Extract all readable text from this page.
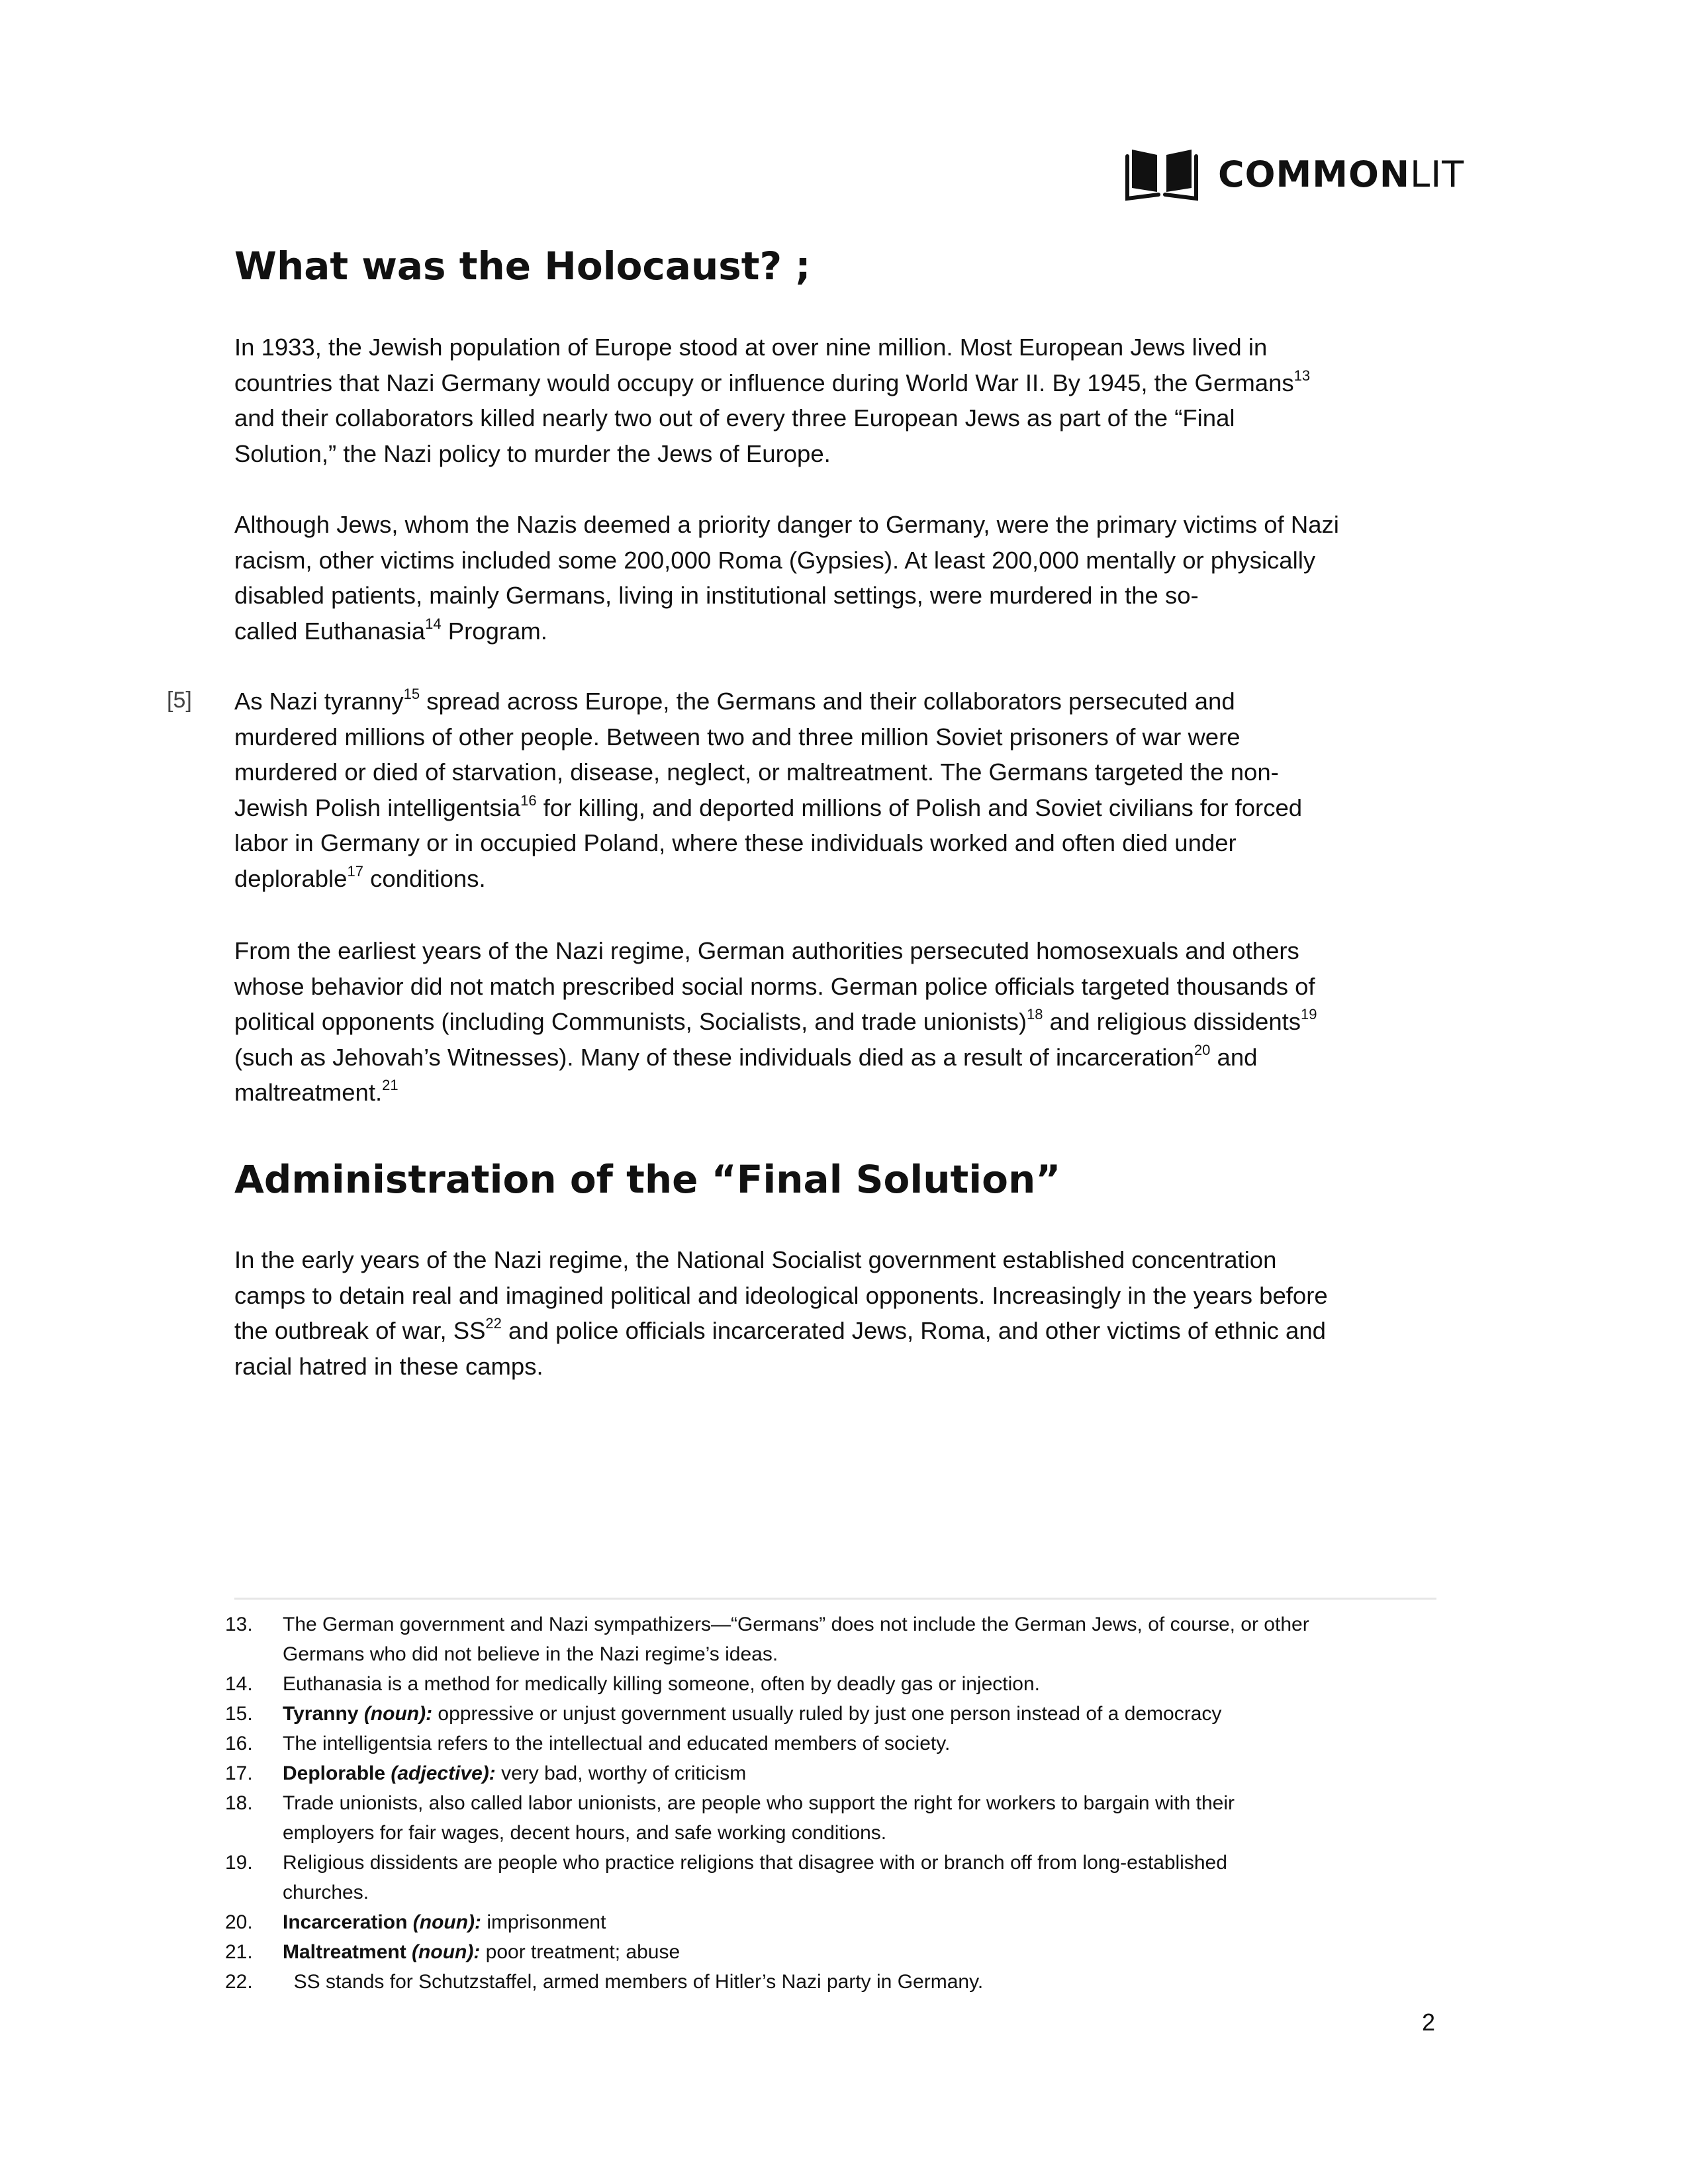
COMMONLIT
What was the Holocaust? ;
In 1933, the Jewish population of Europe stood at over nine million. Most European Jews lived in
countries that Nazi Germany would occupy or influence during World War II. By 1945, the Germans$^{13}$
and their collaborators killed nearly two out of every three European Jews as part of the “Final
Solution,” the Nazi policy to murder the Jews of Europe.
Although Jews, whom the Nazis deemed a priority danger to Germany, were the primary victims of Nazi
racism, other victims included some 200,000 Roma (Gypsies). At least 200,000 mentally or physically
disabled patients, mainly Germans, living in institutional settings, were murdered in the so-
called Euthanasia$^{14}$ Program.
As Nazi tyranny$^{15}$ spread across Europe, the Germans and their collaborators persecuted and
murdered millions of other people. Between two and three million Soviet prisoners of war were
murdered or died of starvation, disease, neglect, or maltreatment. The Germans targeted the non-
Jewish Polish intelligentsia$^{16}$ for killing, and deported millions of Polish and Soviet civilians for forced
labor in Germany or in occupied Poland, where these individuals worked and often died under
deplorable$^{17}$ conditions.
[5]
From the earliest years of the Nazi regime, German authorities persecuted homosexuals and others
whose behavior did not match prescribed social norms. German police officials targeted thousands of
political opponents (including Communists, Socialists, and trade unionists)$^{18}$ and religious dissidents$^{19}$
(such as Jehovah’s Witnesses). Many of these individuals died as a result of incarceration$^{20}$ and
maltreatment.$^{21}$
In the early years of the Nazi regime, the National Socialist government established concentration
camps to detain real and imagined political and ideological opponents. Increasingly in the years before
the outbreak of war, SS$^{22}$ and police officials incarcerated Jews, Roma, and other victims of ethnic and
racial hatred in these camps.
Administration of the “Final Solution”
13.	The German government and Nazi sympathizers—“Germans” does not include the German Jews, of course, or other
Germans who did not believe in the Nazi regime’s ideas.
14.	Euthanasia is a method for medically killing someone, often by deadly gas or injection.
15.	Tyranny (noun): oppressive or unjust government usually ruled by just one person instead of a democracy
16.	The intelligentsia refers to the intellectual and educated members of society.
17.	Deplorable (adjective): very bad, worthy of criticism
18.	Trade unionists, also called labor unionists, are people who support the right for workers to bargain with their
employers for fair wages, decent hours, and safe working conditions.
19.	Religious dissidents are people who practice religions that disagree with or branch off from long-established
churches.
20.	Incarceration (noun): imprisonment
21.	Maltreatment (noun): poor treatment; abuse
22.	SS stands for Schutzstaffel, armed members of Hitler’s Nazi party in Germany.
2
